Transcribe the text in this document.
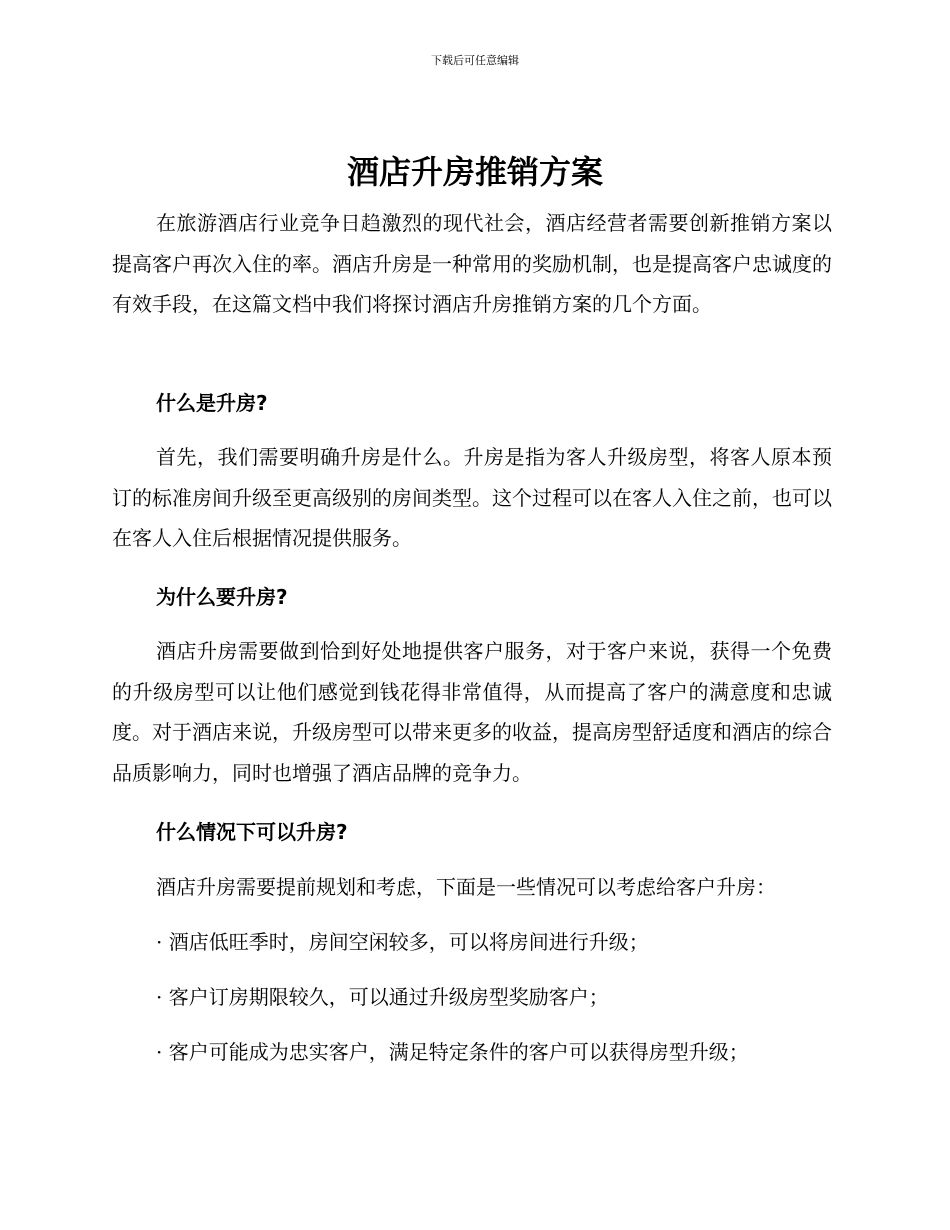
下载后可任意编辑
酒店升房推销方案

在旅游酒店行业竞争日趋激烈的现代社会，酒店经营者需要创新推销方案以提高客户再次入住的率。酒店升房是一种常用的奖励机制，也是提高客户忠诚度的有效手段，在这篇文档中我们将探讨酒店升房推销方案的几个方面。

什么是升房?

首先，我们需要明确升房是什么。升房是指为客人升级房型，将客人原本预订的标准房间升级至更高级别的房间类型。这个过程可以在客人入住之前，也可以在客人入住后根据情况提供服务。

为什么要升房?

酒店升房需要做到恰到好处地提供客户服务，对于客户来说，获得一个免费的升级房型可以让他们感觉到钱花得非常值得，从而提高了客户的满意度和忠诚度。对于酒店来说，升级房型可以带来更多的收益，提高房型舒适度和酒店的综合品质影响力，同时也增强了酒店品牌的竞争力。

什么情况下可以升房?

酒店升房需要提前规划和考虑，下面是一些情况可以考虑给客户升房：

· 酒店低旺季时，房间空闲较多，可以将房间进行升级；

· 客户订房期限较久，可以通过升级房型奖励客户；

· 客户可能成为忠实客户，满足特定条件的客户可以获得房型升级；
